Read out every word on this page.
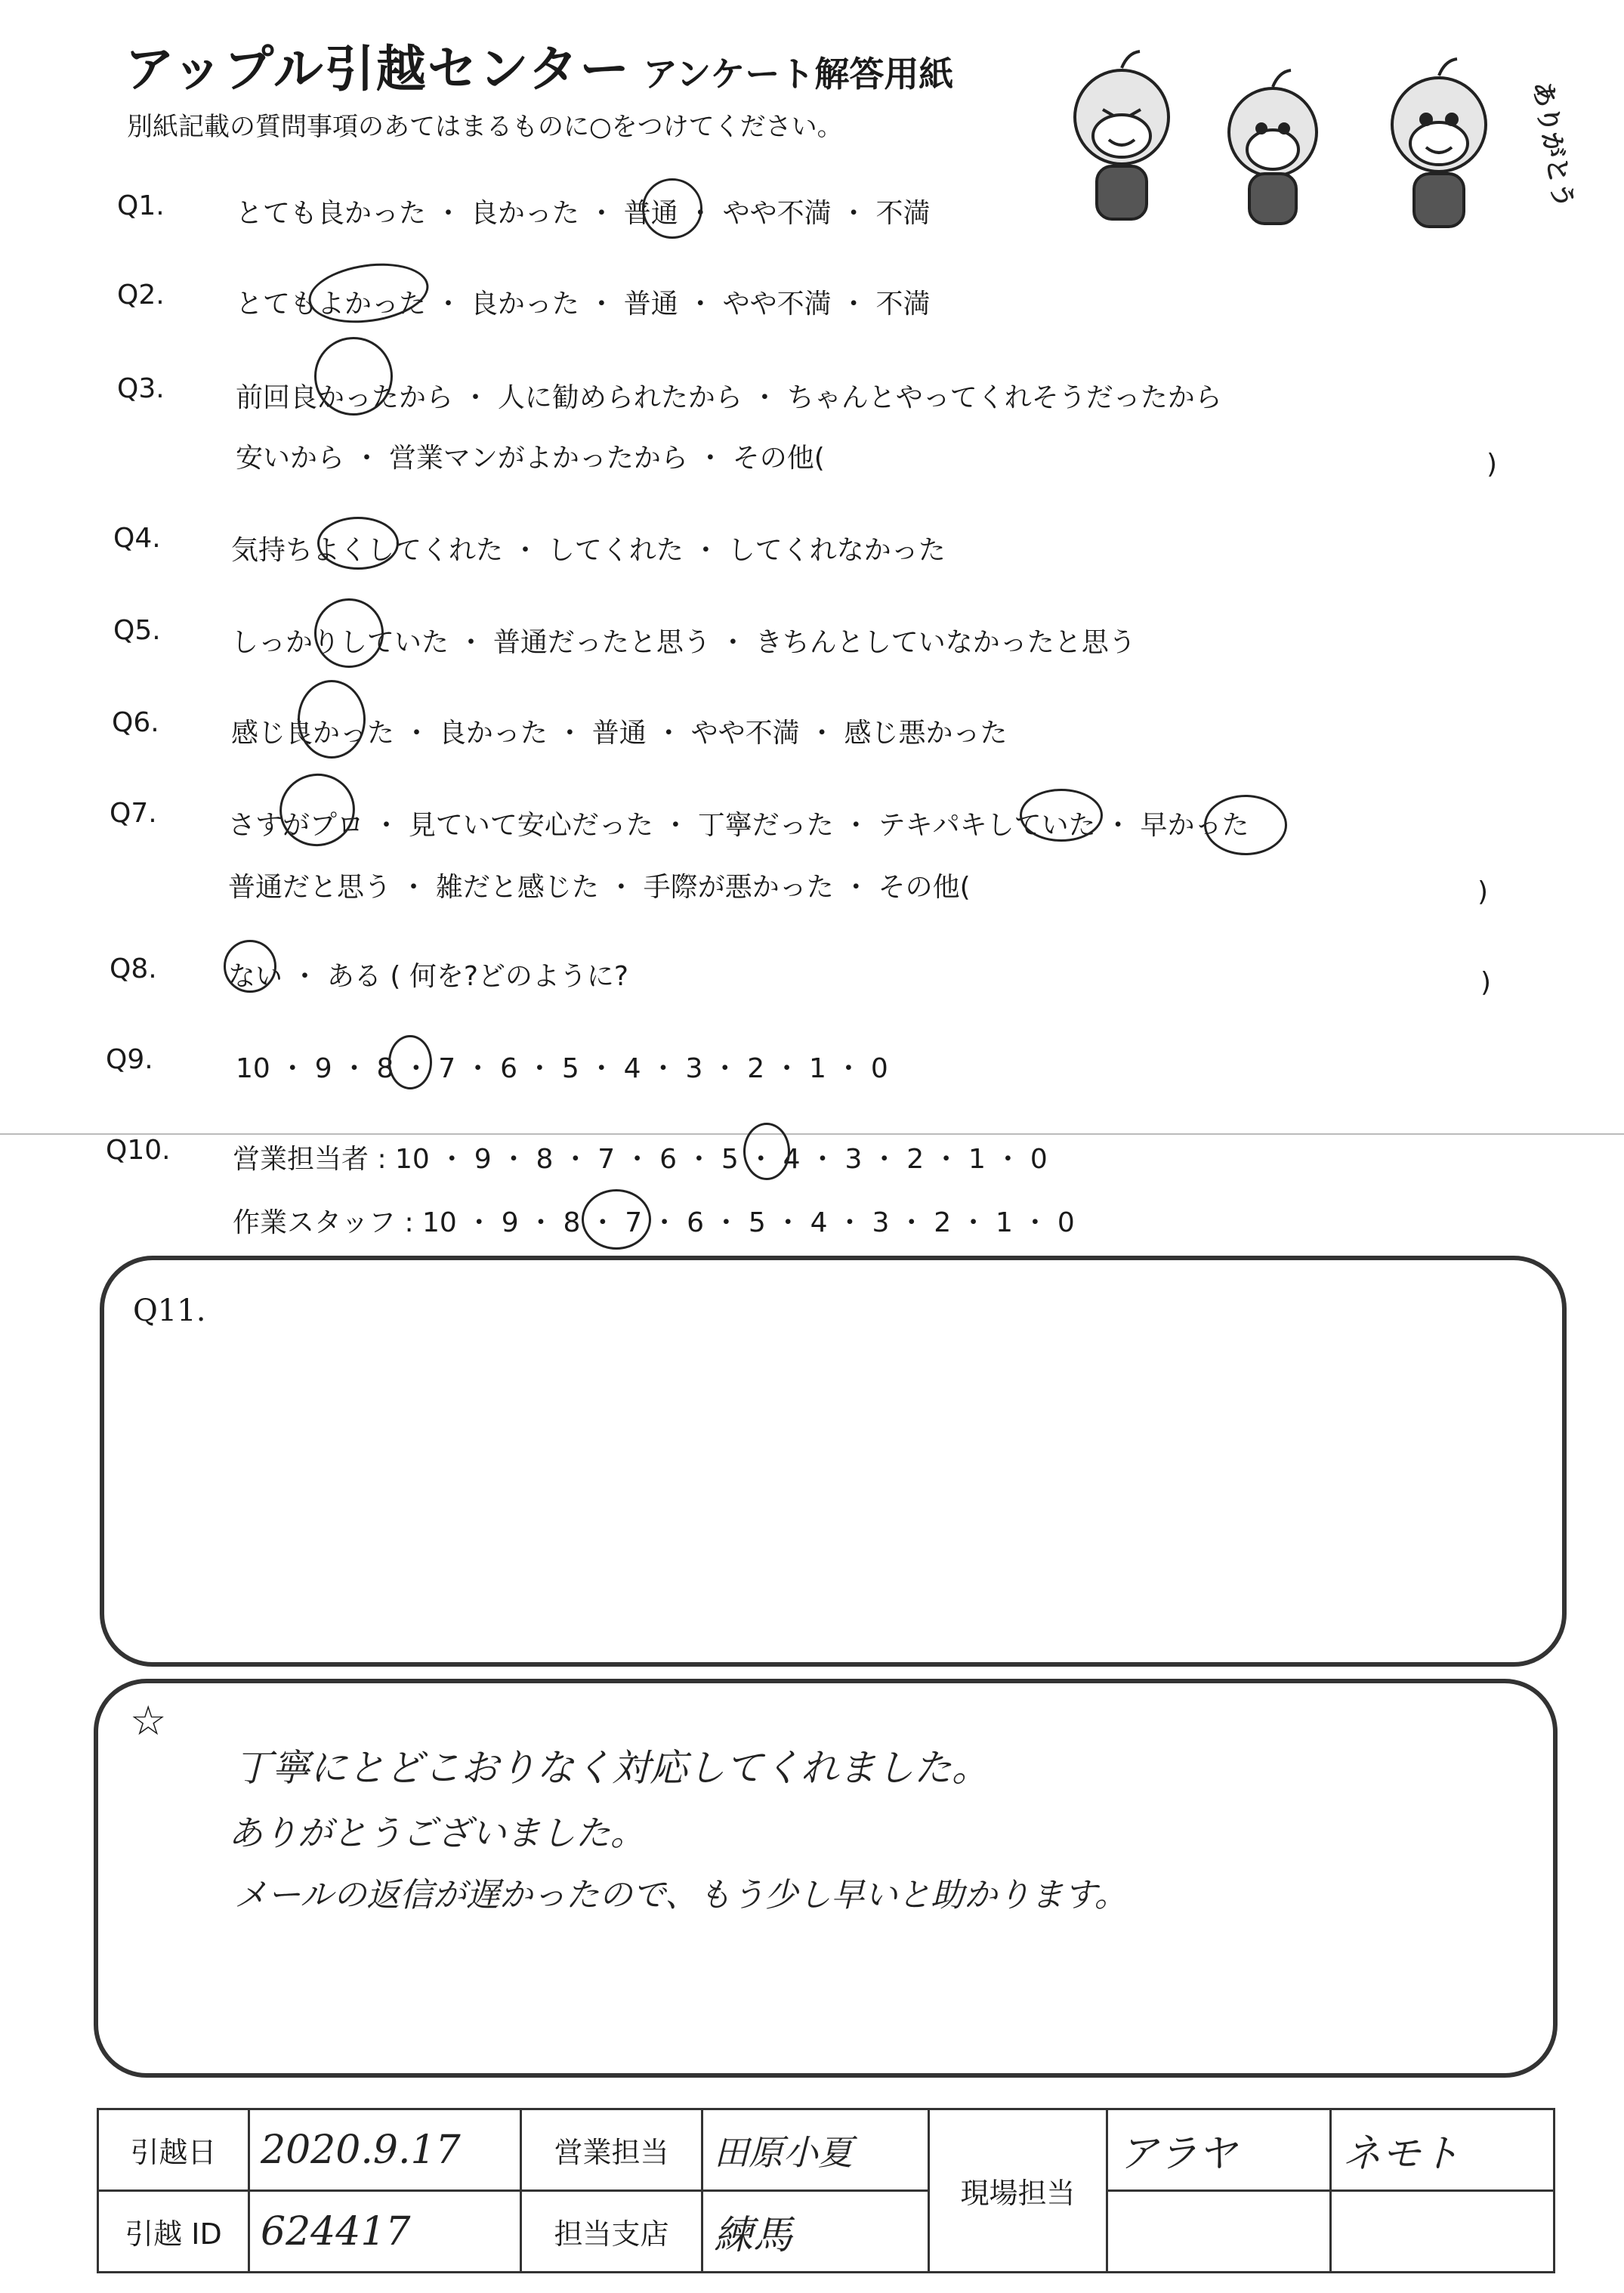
アップル引越センター アンケート解答用紙
別紙記載の質問事項のあてはまるものに○をつけてください。	ありがとう
Q1.	とても良かった ・ 良かった ・ 普通 ・ やや不満 ・ 不満
Q2.	とてもよかった ・ 良かった ・ 普通 ・ やや不満 ・ 不満
Q3.	前回良かったから ・ 人に勧められたから ・ ちゃんとやってくれそうだったから
安いから ・ 営業マンがよかったから ・ その他(	)
Q4.	気持ちよくしてくれた ・ してくれた ・ してくれなかった
Q5.	しっかりしていた ・ 普通だったと思う ・ きちんとしていなかったと思う
Q6.	感じ良かった ・ 良かった ・ 普通 ・ やや不満 ・ 感じ悪かった
Q7.	さすがプロ ・ 見ていて安心だった ・ 丁寧だった ・ テキパキしていた ・ 早かった
普通だと思う ・ 雑だと感じた ・ 手際が悪かった ・ その他(	)
Q8.	ない ・ ある ( 何を?どのように?	)
Q9.	10 ・ 9 ・ 8 ・ 7 ・ 6 ・ 5 ・ 4 ・ 3 ・ 2 ・ 1 ・ 0
Q10. 営業担当者 : 10 ・ 9 ・ 8 ・ 7 ・ 6 ・ 5 ・ 4 ・ 3 ・ 2 ・ 1 ・ 0
作業スタッフ : 10 ・ 9 ・ 8 ・ 7 ・ 6 ・ 5 ・ 4 ・ 3 ・ 2 ・ 1 ・ 0
Q11.
☆
丁寧にとどこおりなく対応してくれました。
ありがとうございました。
メールの返信が遅かったので、もう少し早いと助かります。
引越日	2020.9.17	営業担当	田原小夏	現場担当	アラヤ	ネモト
引越 ID	624417	担当支店	練馬			
